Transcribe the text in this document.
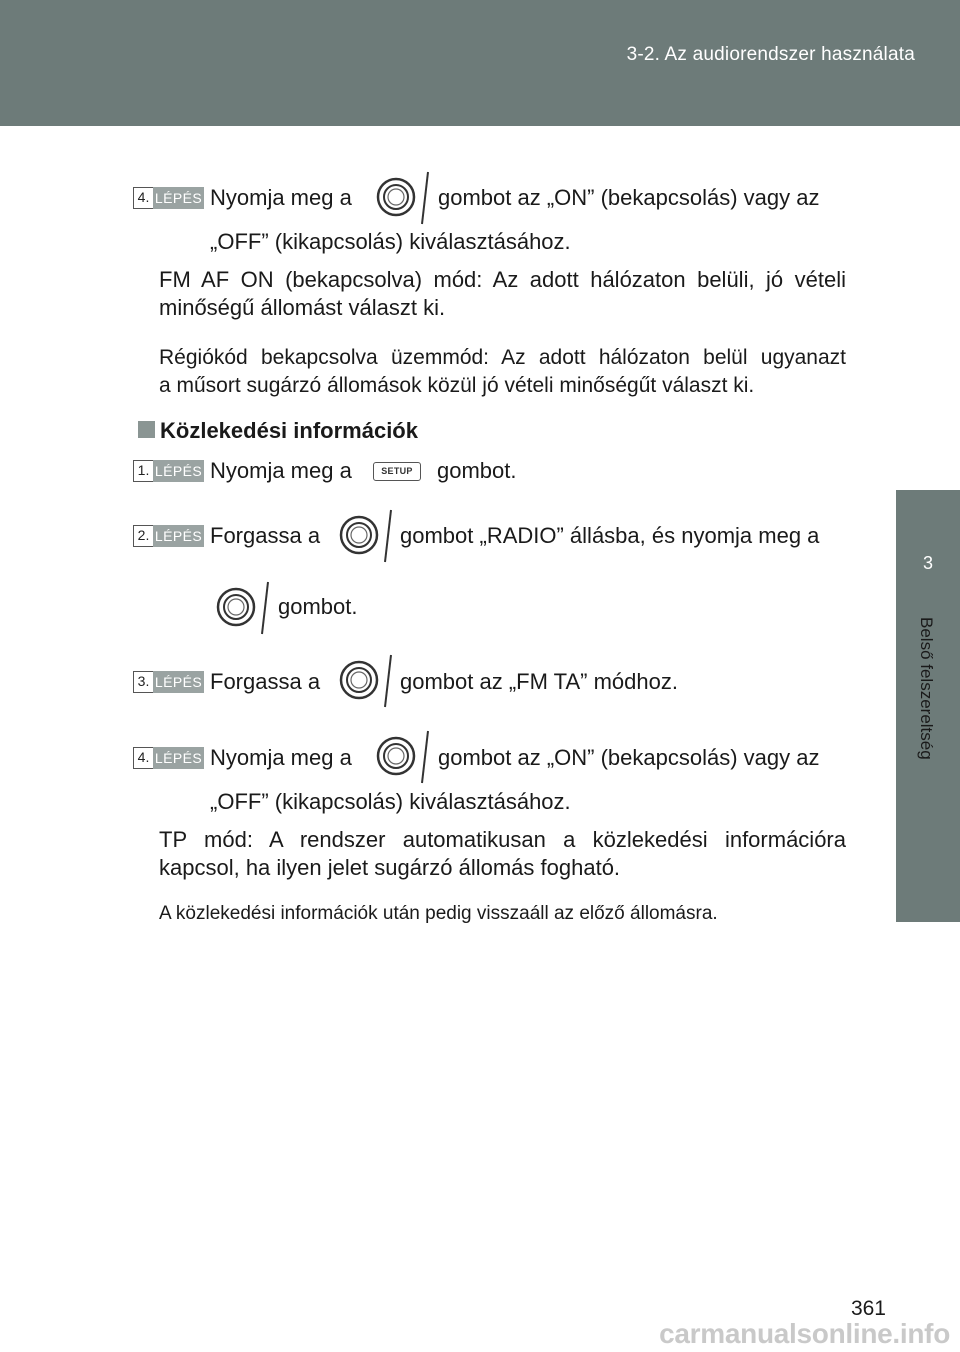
3-2. Az audiorendszer használata
3
Belső felszereltség
4. LÉPÉS Nyomja meg a	gombot az „ON” (bekapcsolás) vagy az
„OFF” (kikapcsolás) kiválasztásához.
FM AF ON (bekapcsolva) mód: Az adott hálózaton belüli, jó vételi
minőségű állomást választ ki.
Régiókód bekapcsolva üzemmód: Az adott hálózaton belül ugyanazt
a műsort sugárzó állomások közül jó vételi minőségűt választ ki.
Közlekedési információk
1. LÉPÉS Nyomja meg a	SETUP	gombot.
2. LÉPÉS Forgassa a	gombot „RADIO” állásba, és nyomja meg a
gombot.
3. LÉPÉS Forgassa a	gombot az „FM TA” módhoz.
4. LÉPÉS Nyomja meg a	gombot az „ON” (bekapcsolás) vagy az
„OFF” (kikapcsolás) kiválasztásához.
TP mód: A rendszer automatikusan a közlekedési információra
kapcsol, ha ilyen jelet sugárzó állomás fogható.
A közlekedési információk után pedig visszaáll az előző állomásra.
361
carmanualsonline.info
